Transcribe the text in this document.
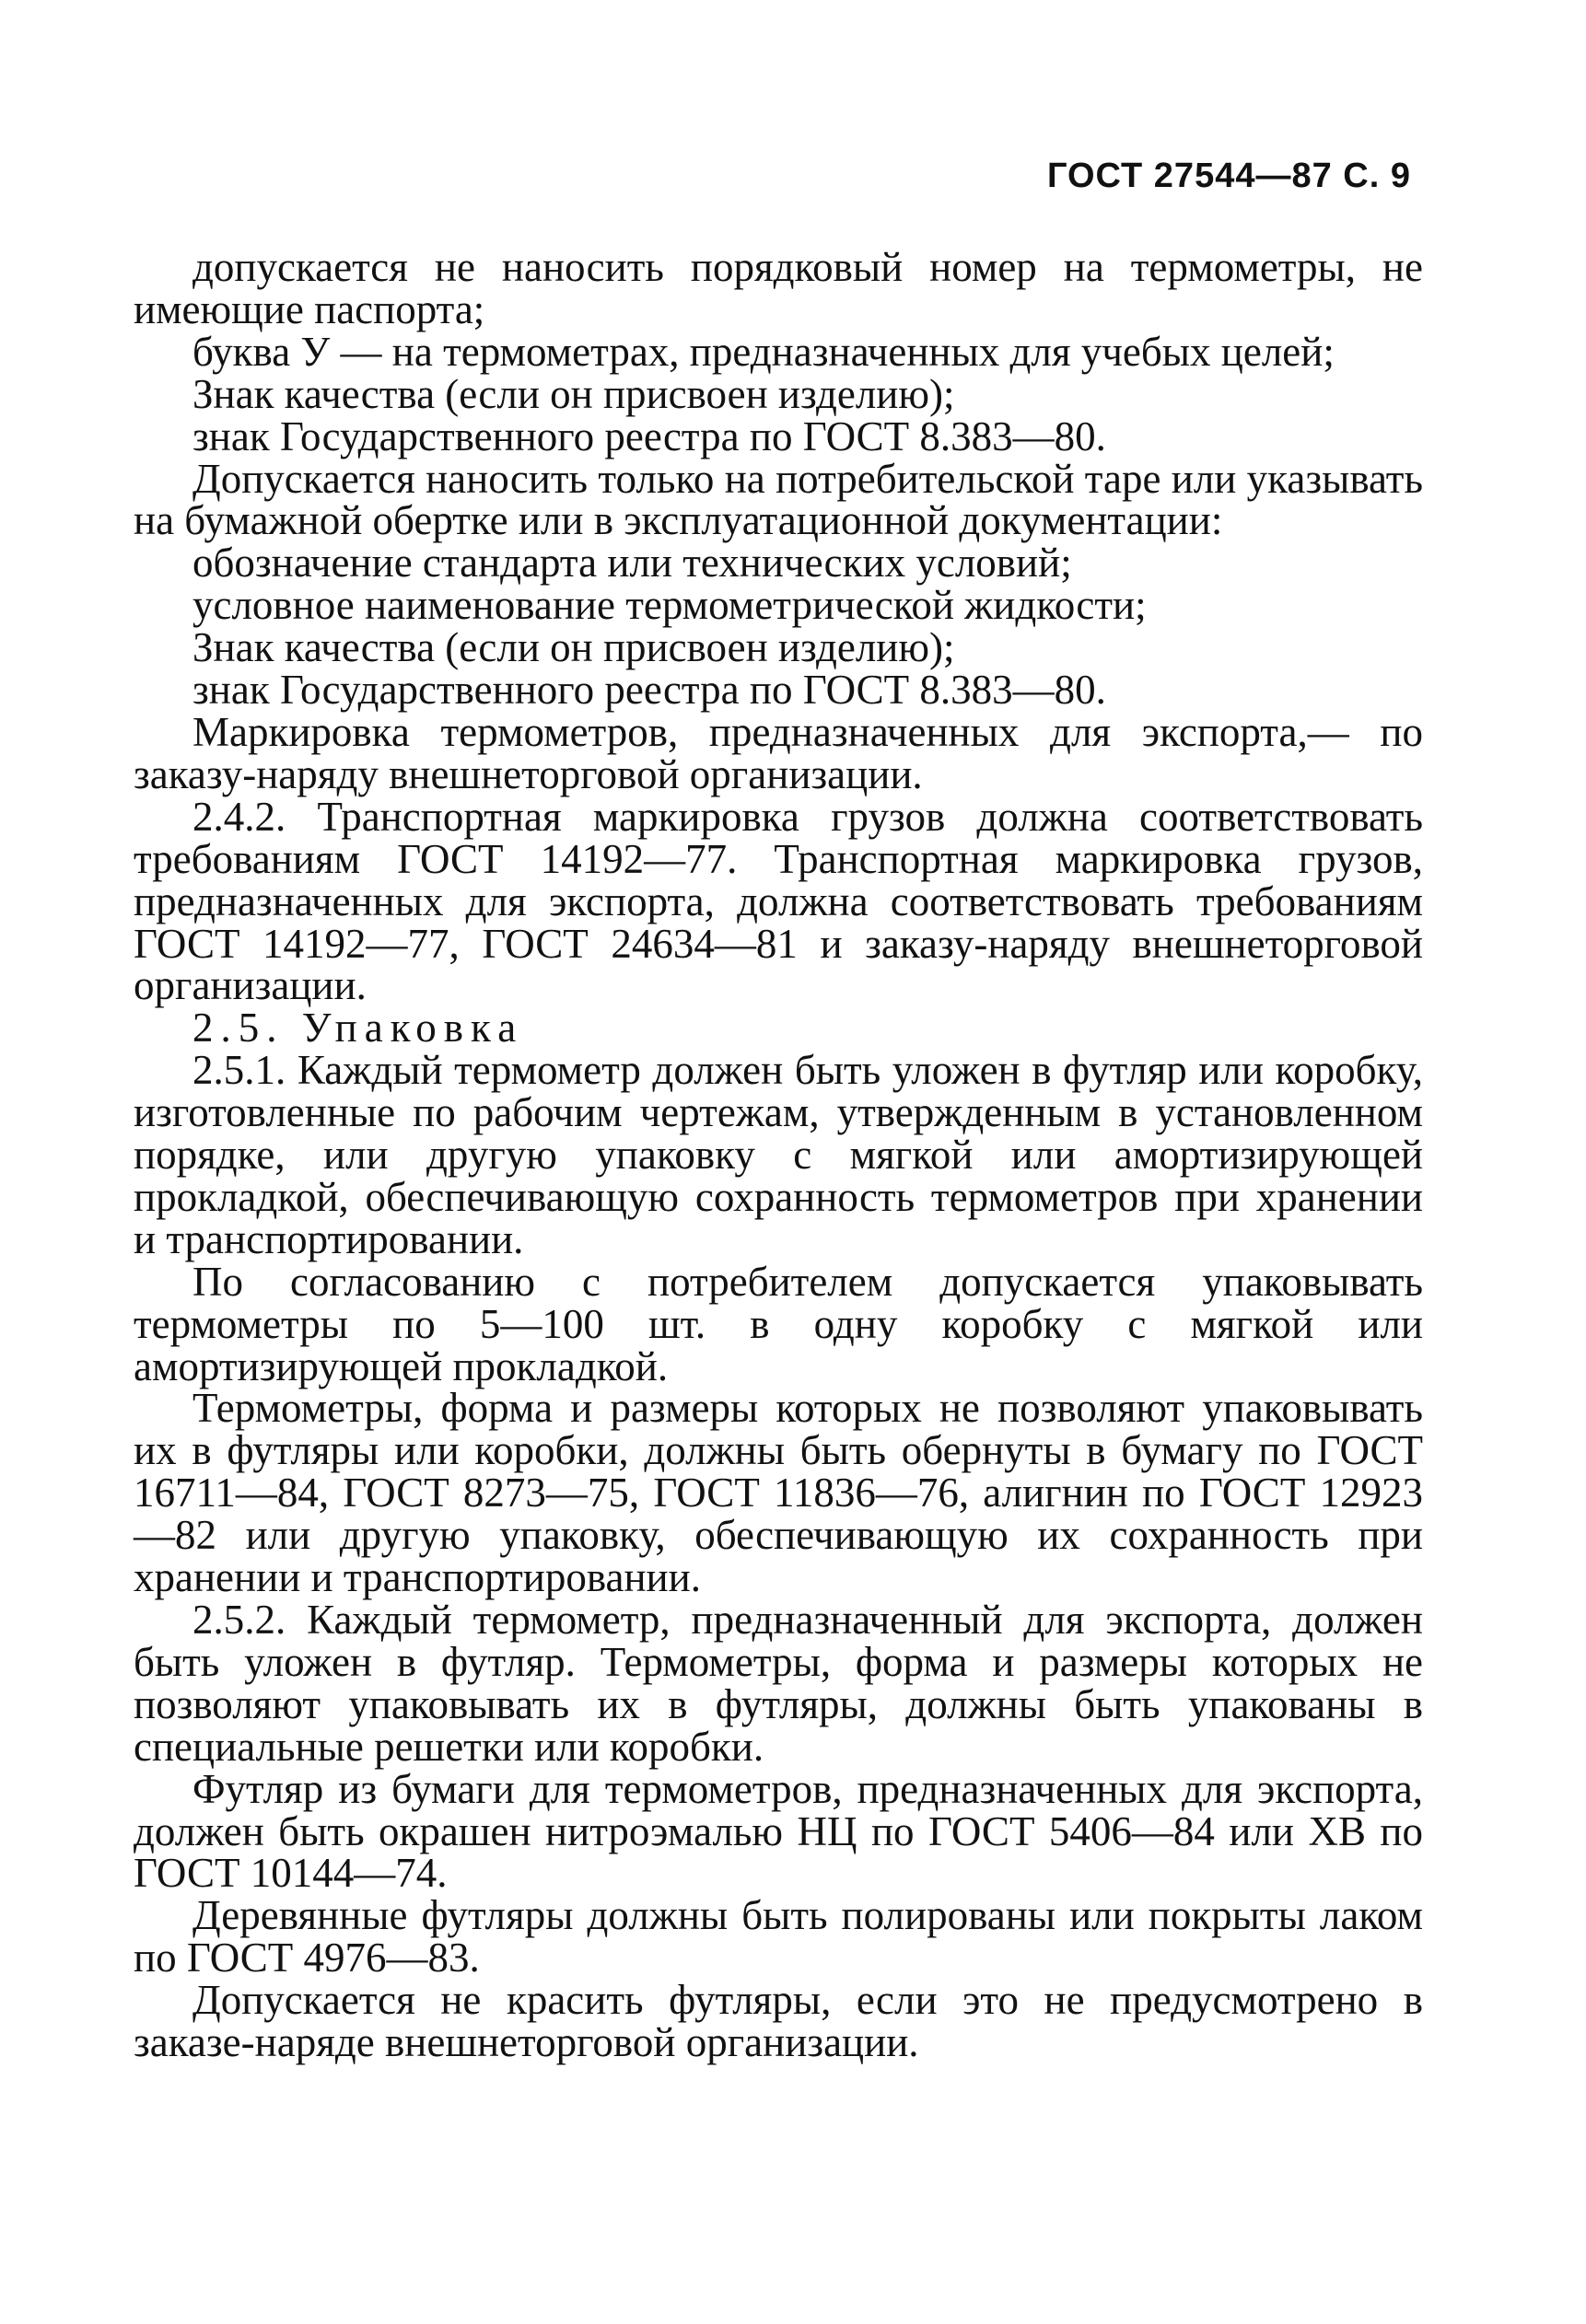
ГОСТ 27544—87 С. 9

допускается не наносить порядковый номер на термометры, не имеющие паспорта;

буква У — на термометрах, предназначенных для учебых целей;

Знак качества (если он присвоен изделию);

знак Государственного реестра по ГОСТ 8.383—80.

Допускается наносить только на потребительской таре или указывать на бумажной обертке или в эксплуатационной документации:

обозначение стандарта или технических условий;

условное наименование термометрической жидкости;

Знак качества (если он присвоен изделию);

знак Государственного реестра по ГОСТ 8.383—80.

Маркировка термометров, предназначенных для экспорта,— по заказу-наряду внешнеторговой организации.

2.4.2. Транспортная маркировка грузов должна соответствовать требованиям ГОСТ 14192—77. Транспортная маркировка грузов, предназначенных для экспорта, должна соответствовать требованиям ГОСТ 14192—77, ГОСТ 24634—81 и заказу-наряду внешнеторговой организации.

2.5. Упаковка

2.5.1. Каждый термометр должен быть уложен в футляр или коробку, изготовленные по рабочим чертежам, утвержденным в установленном порядке, или другую упаковку с мягкой или амортизирующей прокладкой, обеспечивающую сохранность термометров при хранении и транспортировании.

По согласованию с потребителем допускается упаковывать термометры по 5—100 шт. в одну коробку с мягкой или амортизирующей прокладкой.

Термометры, форма и размеры которых не позволяют упаковывать их в футляры или коробки, должны быть обернуты в бумагу по ГОСТ 16711—84, ГОСТ 8273—75, ГОСТ 11836—76, алигнин по ГОСТ 12923—82 или другую упаковку, обеспечивающую их сохранность при хранении и транспортировании.

2.5.2. Каждый термометр, предназначенный для экспорта, должен быть уложен в футляр. Термометры, форма и размеры которых не позволяют упаковывать их в футляры, должны быть упакованы в специальные решетки или коробки.

Футляр из бумаги для термометров, предназначенных для экспорта, должен быть окрашен нитроэмалью НЦ по ГОСТ 5406—84 или ХВ по ГОСТ 10144—74.

Деревянные футляры должны быть полированы или покрыты лаком по ГОСТ 4976—83.

Допускается не красить футляры, если это не предусмотрено в заказе-наряде внешнеторговой организации.
